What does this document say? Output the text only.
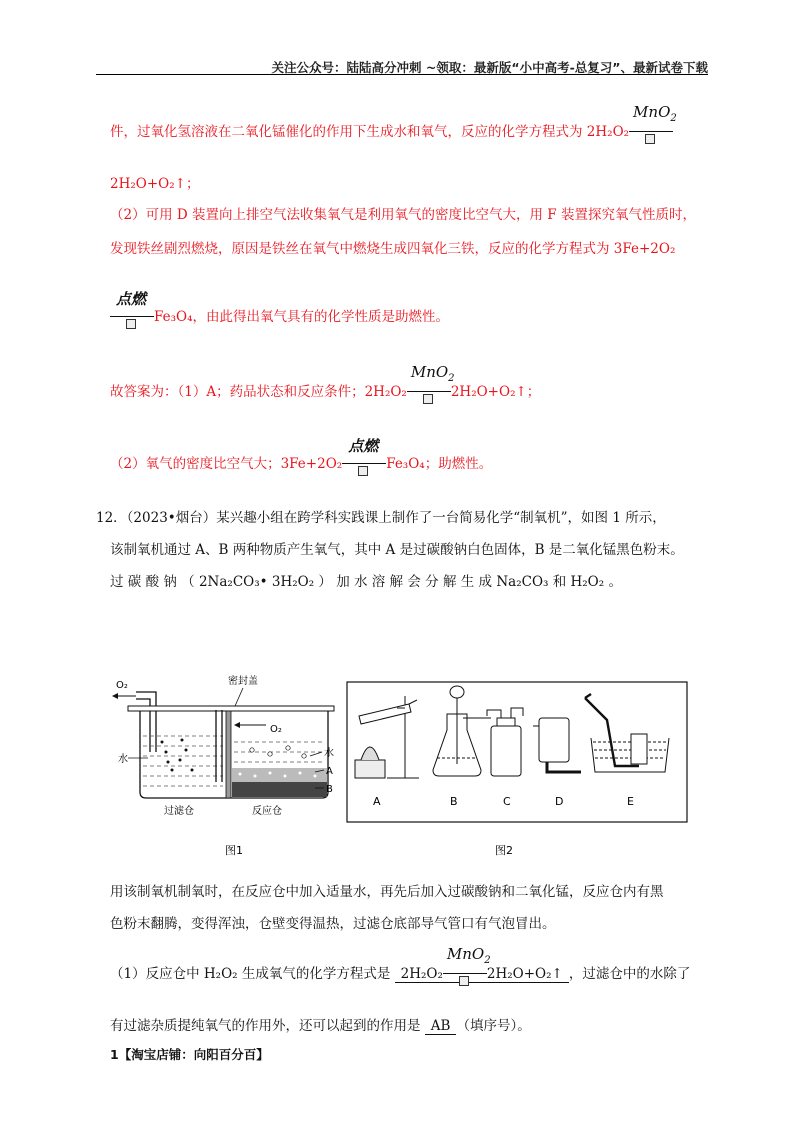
关注公众号：陆陆高分冲刺 ~领取：最新版“小中高考-总复习”、最新试卷下载
件，过氧化氢溶液在二氧化锰催化的作用下生成水和氧气，反应的化学方程式为 2H₂O₂
MnO$_2$
2H₂O+O₂↑；
（2）可用 D 装置向上排空气法收集氧气是利用氧气的密度比空气大，用 F 装置探究氧气性质时，
发现铁丝剧烈燃烧，原因是铁丝在氧气中燃烧生成四氧化三铁，反应的化学方程式为 3Fe+2O₂
点燃
Fe₃O₄，由此得出氧气具有的化学性质是助燃性。
故答案为：（1）A；药品状态和反应条件；2H₂O₂
MnO$_2$
2H₂O+O₂↑；
（2）氧气的密度比空气大；3Fe+2O₂
点燃
Fe₃O₄；助燃性。
12．（2023•烟台）某兴趣小组在跨学科实践课上制作了一台简易化学“制氧机”，如图 1 所示，
该制氧机通过 A、B 两种物质产生氧气，其中 A 是过碳酸钠白色固体，B 是二氧化锰黑色粉末。
过 碳 酸 钠 （ 2Na₂CO₃• 3H₂O₂ ） 加 水 溶 解 会 分 解 生 成 Na₂CO₃ 和 H₂O₂ 。
O₂	密封盖
O₂
水
水
A
B
过滤仓	反应仓
图1
A	B	C	D	E
图2
用该制氧机制氧时，在反应仓中加入适量水，再先后加入过碳酸钠和二氧化锰，反应仓内有黑
色粉末翻腾，变得浑浊，仓壁变得温热，过滤仓底部导气管口有气泡冒出。
（1）反应仓中 H₂O₂ 生成氧气的化学方程式是 2H₂O₂
MnO$_2$
2H₂O+O₂↑ ，过滤仓中的水除了
有过滤杂质提纯氧气的作用外，还可以起到的作用是 AB （填序号）。
1【淘宝店铺：向阳百分百】
